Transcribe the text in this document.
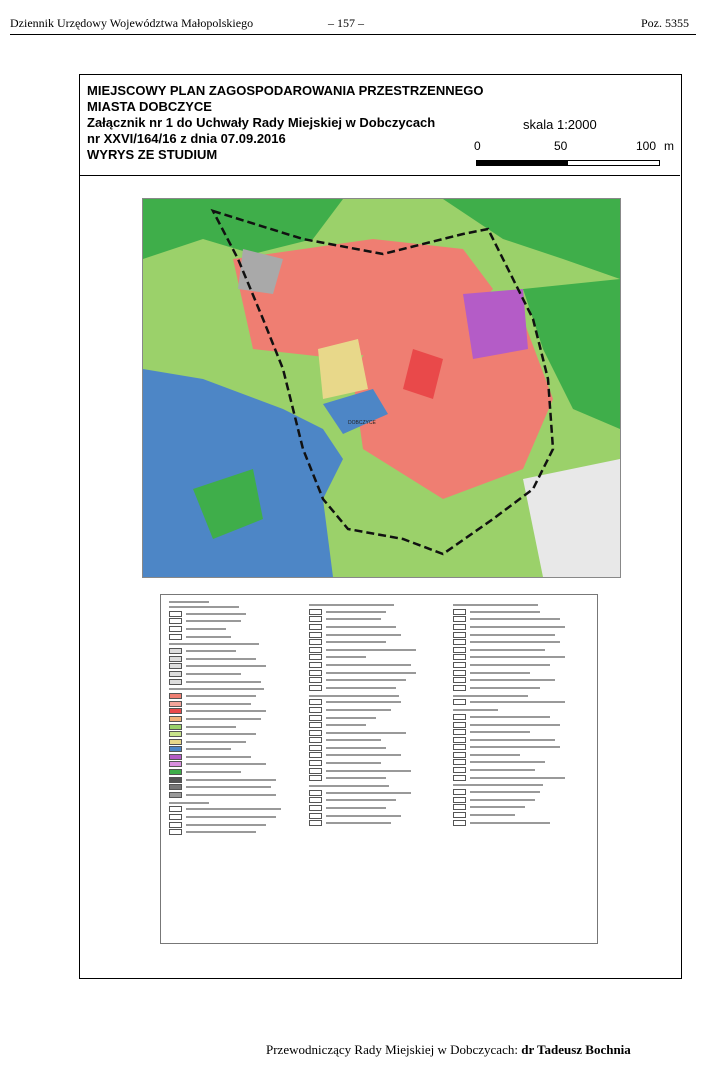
Dziennik Urzędowy Województwa Małopolskiego	– 157 –	Poz. 5355
MIEJSCOWY PLAN ZAGOSPODAROWANIA PRZESTRZENNEGO
MIASTA DOBCZYCE
Załącznik nr 1 do Uchwały Rady Miejskiej w Dobczycach
nr XXVI/164/16 z dnia 07.09.2016
WYRYS ZE STUDIUM
skala 1:2000
0	50	100 m
DOBCZYCE
Przewodniczący Rady Miejskiej w Dobczycach: dr Tadeusz Bochnia
